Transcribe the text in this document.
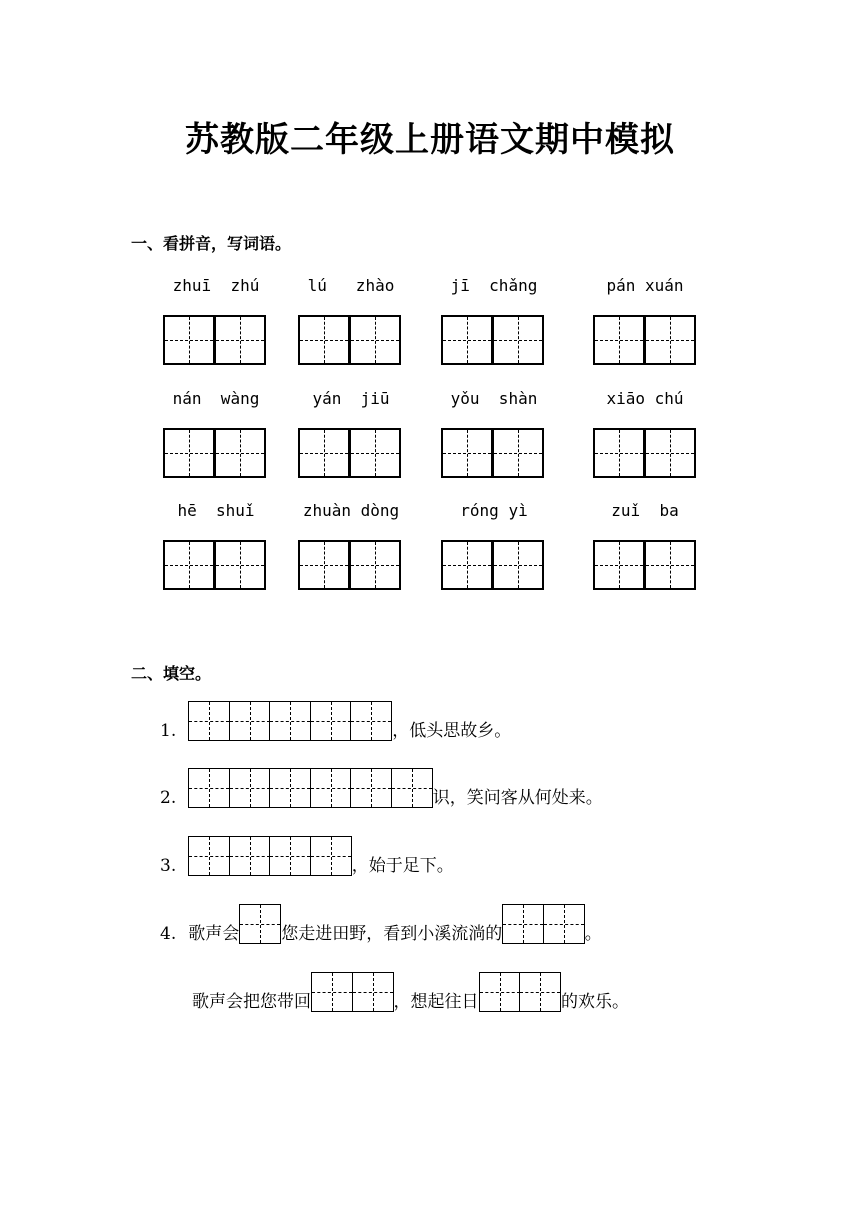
苏教版二年级上册语文期中模拟
一、看拼音，写词语。
zhuī  zhú	lú   zhào	jī  chǎng	pán xuán
nán  wàng	yán  jiū	yǒu  shàn	xiāo chú
hē  shuǐ	zhuàn dòng	róng yì	zuǐ  ba
二、填空。
1.	，低头思故乡。
2.	识，笑问客从何处来。
3.	，始于足下。
4. 歌声会 您走进田野，看到小溪流淌的	。
歌声会把您带回	，想起往日	的欢乐。
